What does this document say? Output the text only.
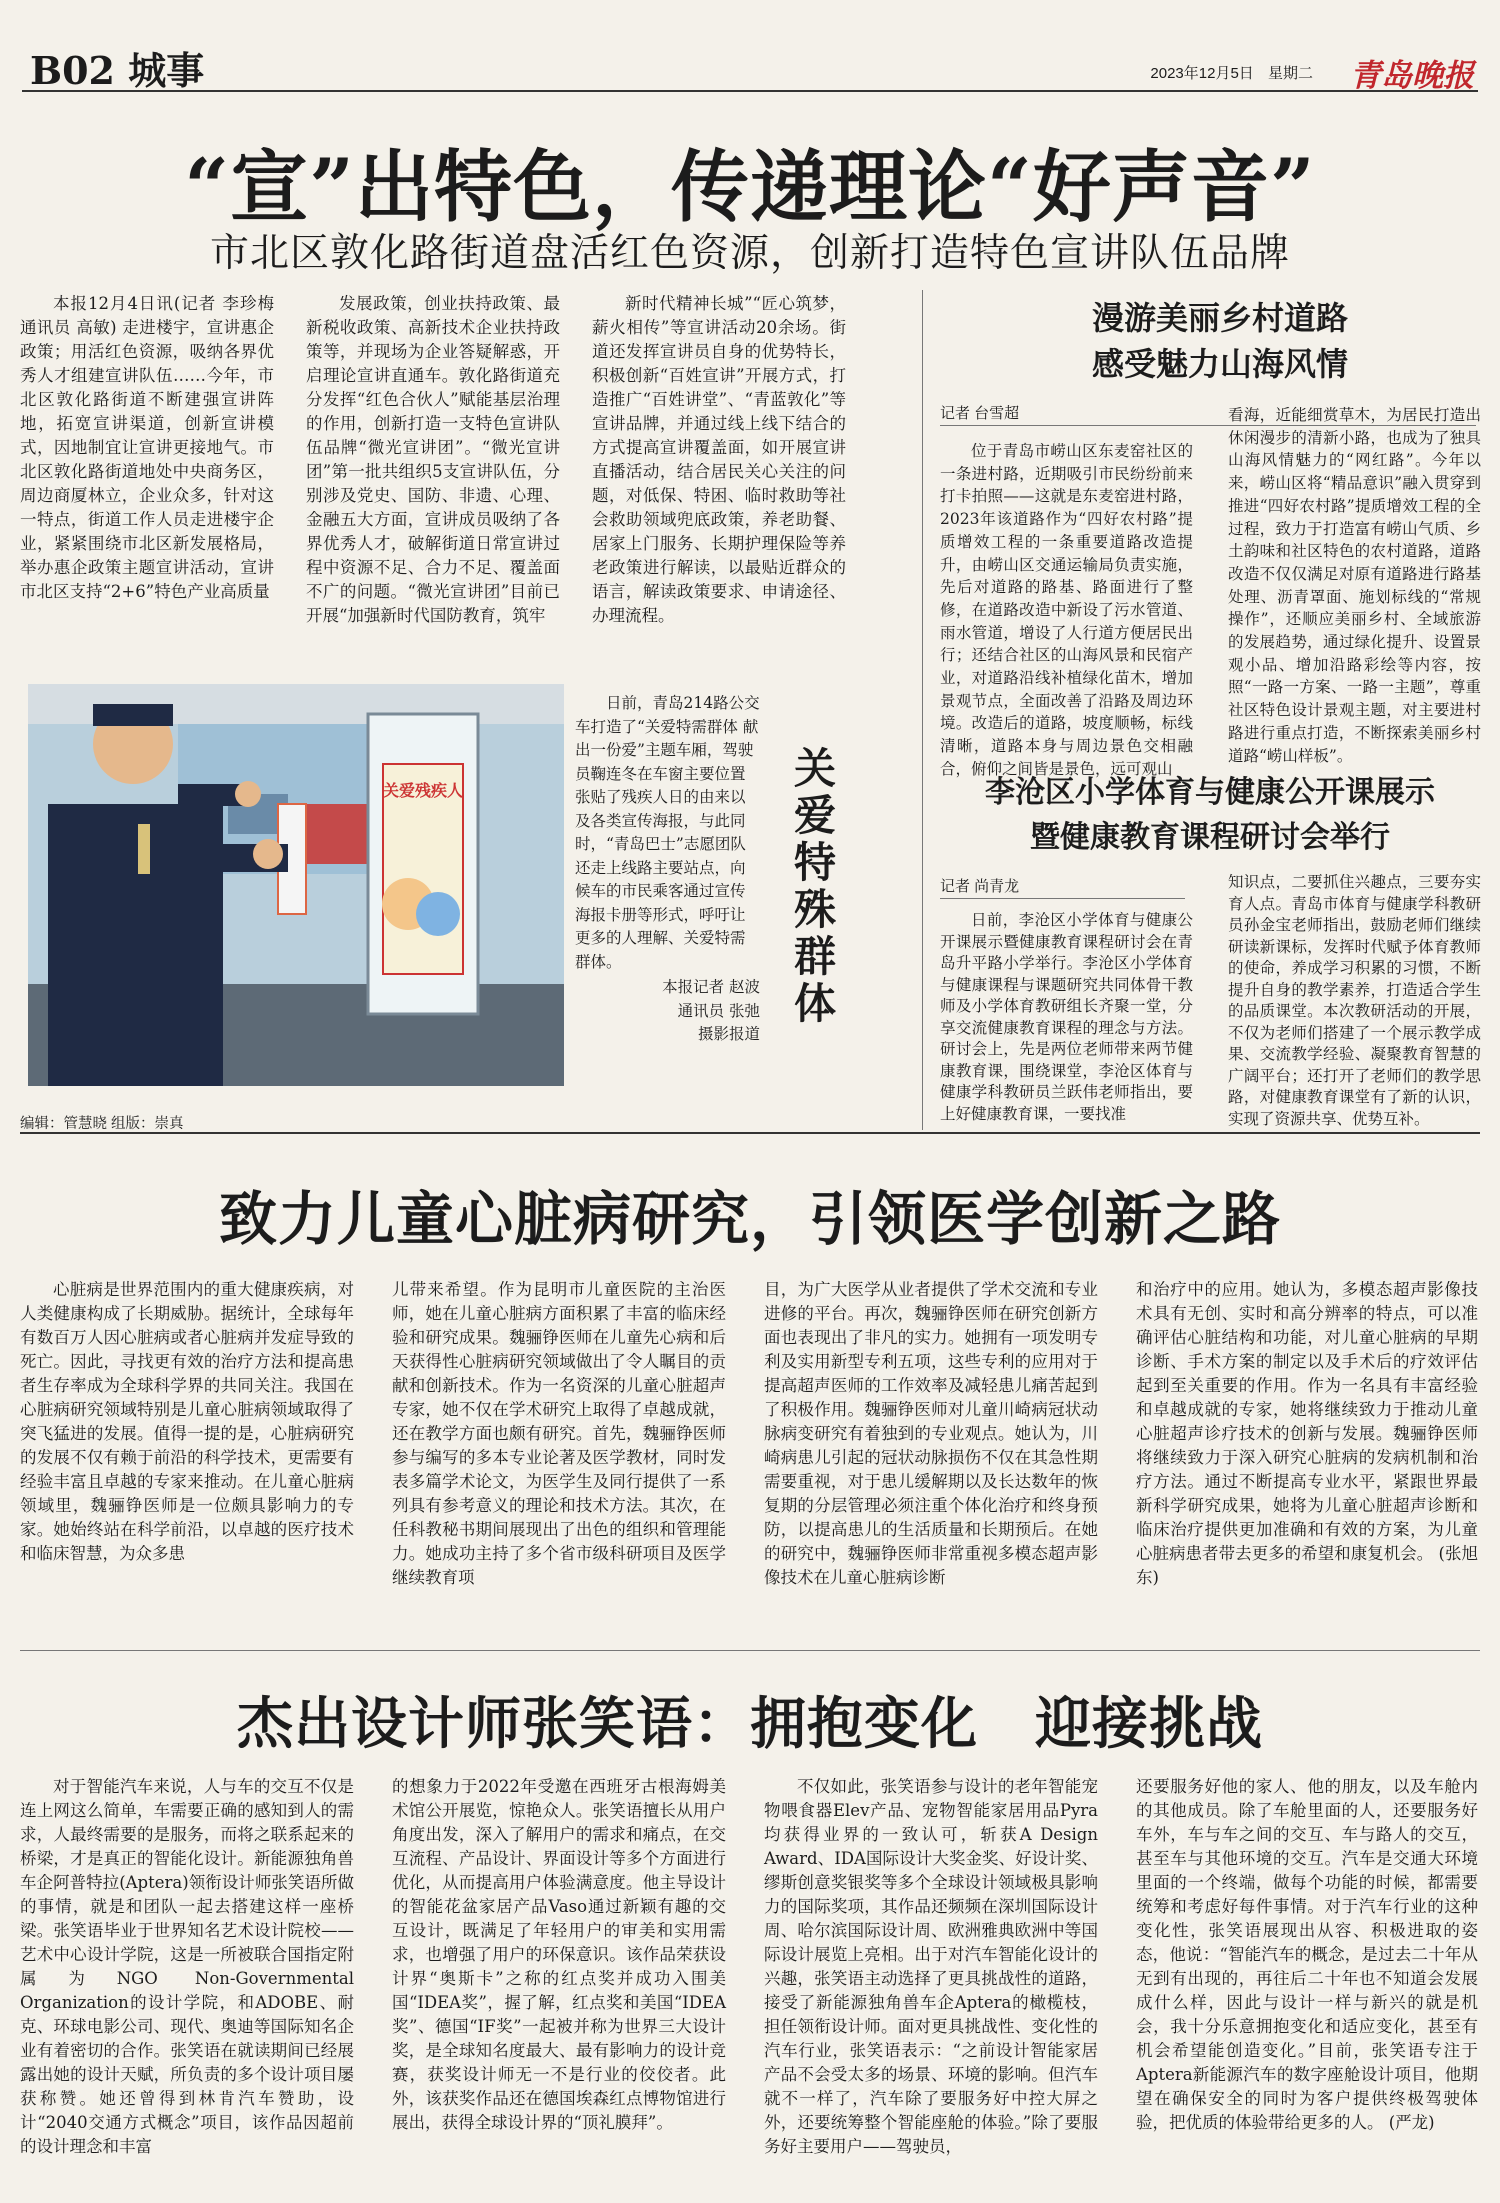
B02 城事	2023年12月5日 星期二 青岛晚报
“宣”出特色，传递理论“好声音”
市北区敦化路街道盘活红色资源，创新打造特色宣讲队伍品牌

本报12月4日讯(记者 李珍梅 通讯员 高敏) 走进楼宇，宣讲惠企政策；用活红色资源，吸纳各界优秀人才组建宣讲队伍……今年，市北区敦化路街道不断建强宣讲阵地，拓宽宣讲渠道，创新宣讲模式，因地制宜让宣讲更接地气。市北区敦化路街道地处中央商务区，周边商厦林立，企业众多，针对这一特点，街道工作人员走进楼宇企业，紧紧围绕市北区新发展格局，举办惠企政策主题宣讲活动，宣讲市北区支持“2+6”特色产业高质量

发展政策，创业扶持政策、最新税收政策、高新技术企业扶持政策等，并现场为企业答疑解惑，开启理论宣讲直通车。敦化路街道充分发挥“红色合伙人”赋能基层治理的作用，创新打造一支特色宣讲队伍品牌“微光宣讲团”。“微光宣讲团”第一批共组织5支宣讲队伍，分别涉及党史、国防、非遗、心理、金融五大方面，宣讲成员吸纳了各界优秀人才，破解街道日常宣讲过程中资源不足、合力不足、覆盖面不广的问题。“微光宣讲团”目前已开展“加强新时代国防教育，筑牢

新时代精神长城”“匠心筑梦，薪火相传”等宣讲活动20余场。街道还发挥宣讲员自身的优势特长，积极创新“百姓宣讲”开展方式，打造推广“百姓讲堂”、“青蓝敦化”等宣讲品牌，并通过线上线下结合的方式提高宣讲覆盖面，如开展宣讲直播活动，结合居民关心关注的问题，对低保、特困、临时救助等社会救助领域兜底政策，养老助餐、居家上门服务、长期护理保险等养老政策进行解读，以最贴近群众的语言，解读政策要求、申请途径、办理流程。

漫游美丽乡村道路
感受魅力山海风情
记者 台雪超

位于青岛市崂山区东麦窑社区的一条进村路，近期吸引市民纷纷前来打卡拍照——这就是东麦窑进村路，2023年该道路作为“四好农村路”提质增效工程的一条重要道路改造提升，由崂山区交通运输局负责实施，先后对道路的路基、路面进行了整修，在道路改造中新设了污水管道、雨水管道，增设了人行道方便居民出行；还结合社区的山海风景和民宿产业，对道路沿线补植绿化苗木，增加景观节点，全面改善了沿路及周边环境。改造后的道路，坡度顺畅，标线清晰，道路本身与周边景色交相融合，俯仰之间皆是景色，远可观山

看海，近能细赏草木，为居民打造出休闲漫步的清新小路，也成为了独具山海风情魅力的“网红路”。今年以来，崂山区将“精品意识”融入贯穿到推进“四好农村路”提质增效工程的全过程，致力于打造富有崂山气质、乡土韵味和社区特色的农村道路，道路改造不仅仅满足对原有道路进行路基处理、沥青罩面、施划标线的“常规操作”，还顺应美丽乡村、全域旅游的发展趋势，通过绿化提升、设置景观小品、增加沿路彩绘等内容，按照“一路一方案、一路一主题”，尊重社区特色设计景观主题，对主要进村路进行重点打造，不断探索美丽乡村道路“崂山样板”。

李沧区小学体育与健康公开课展示
暨健康教育课程研讨会举行
记者 尚青龙

日前，李沧区小学体育与健康公开课展示暨健康教育课程研讨会在青岛升平路小学举行。李沧区小学体育与健康课程与课题研究共同体骨干教师及小学体育教研组长齐聚一堂，分享交流健康教育课程的理念与方法。研讨会上，先是两位老师带来两节健康教育课，围绕课堂，李沧区体育与健康学科教研员兰跃伟老师指出，要上好健康教育课，一要找准

知识点，二要抓住兴趣点，三要夯实育人点。青岛市体育与健康学科教研员孙金宝老师指出，鼓励老师们继续研读新课标，发挥时代赋予体育教师的使命，养成学习积累的习惯，不断提升自身的教学素养，打造适合学生的品质课堂。本次教研活动的开展，不仅为老师们搭建了一个展示教学成果、交流教学经验、凝聚教育智慧的广阔平台；还打开了老师们的教学思路，对健康教育课堂有了新的认识，实现了资源共享、优势互补。

关爱残疾人

日前，青岛214路公交车打造了“关爱特需群体 献出一份爱”主题车厢，驾驶员鞠连冬在车窗主要位置张贴了残疾人日的由来以及各类宣传海报，与此同时，“青岛巴士”志愿团队还走上线路主要站点，向候车的市民乘客通过宣传海报卡册等形式，呼吁让更多的人理解、关爱特需群体。

本报记者 赵波

通讯员 张弛

摄影报道

关爱特殊群体
编辑：管慧晓 组版：崇真
致力儿童心脏病研究，引领医学创新之路

心脏病是世界范围内的重大健康疾病，对人类健康构成了长期威胁。据统计，全球每年有数百万人因心脏病或者心脏病并发症导致的死亡。因此，寻找更有效的治疗方法和提高患者生存率成为全球科学界的共同关注。我国在心脏病研究领域特别是儿童心脏病领域取得了突飞猛进的发展。值得一提的是，心脏病研究的发展不仅有赖于前沿的科学技术，更需要有经验丰富且卓越的专家来推动。在儿童心脏病领域里，魏骊铮医师是一位颇具影响力的专家。她始终站在科学前沿，以卓越的医疗技术和临床智慧，为众多患

儿带来希望。作为昆明市儿童医院的主治医师，她在儿童心脏病方面积累了丰富的临床经验和研究成果。魏骊铮医师在儿童先心病和后天获得性心脏病研究领域做出了令人瞩目的贡献和创新技术。作为一名资深的儿童心脏超声专家，她不仅在学术研究上取得了卓越成就，还在教学方面也颇有研究。首先，魏骊铮医师参与编写的多本专业论著及医学教材，同时发表多篇学术论文，为医学生及同行提供了一系列具有参考意义的理论和技术方法。其次，在任科教秘书期间展现出了出色的组织和管理能力。她成功主持了多个省市级科研项目及医学继续教育项

目，为广大医学从业者提供了学术交流和专业进修的平台。再次，魏骊铮医师在研究创新方面也表现出了非凡的实力。她拥有一项发明专利及实用新型专利五项，这些专利的应用对于提高超声医师的工作效率及减轻患儿痛苦起到了积极作用。魏骊铮医师对儿童川崎病冠状动脉病变研究有着独到的专业观点。她认为，川崎病患儿引起的冠状动脉损伤不仅在其急性期需要重视，对于患儿缓解期以及长达数年的恢复期的分层管理必须注重个体化治疗和终身预防，以提高患儿的生活质量和长期预后。在她的研究中，魏骊铮医师非常重视多模态超声影像技术在儿童心脏病诊断

和治疗中的应用。她认为，多模态超声影像技术具有无创、实时和高分辨率的特点，可以准确评估心脏结构和功能，对儿童心脏病的早期诊断、手术方案的制定以及手术后的疗效评估起到至关重要的作用。作为一名具有丰富经验和卓越成就的专家，她将继续致力于推动儿童心脏超声诊疗技术的创新与发展。魏骊铮医师将继续致力于深入研究心脏病的发病机制和治疗方法。通过不断提高专业水平，紧跟世界最新科学研究成果，她将为儿童心脏超声诊断和临床治疗提供更加准确和有效的方案，为儿童心脏病患者带去更多的希望和康复机会。 (张旭东)

杰出设计师张笑语：拥抱变化　迎接挑战

对于智能汽车来说，人与车的交互不仅是连上网这么简单，车需要正确的感知到人的需求，人最终需要的是服务，而将之联系起来的桥梁，才是真正的智能化设计。新能源独角兽车企阿普特拉(Aptera)领衔设计师张笑语所做的事情，就是和团队一起去搭建这样一座桥梁。张笑语毕业于世界知名艺术设计院校——艺术中心设计学院，这是一所被联合国指定附属为NGO Non-Governmental Organization的设计学院，和ADOBE、耐克、环球电影公司、现代、奥迪等国际知名企业有着密切的合作。张笑语在就读期间已经展露出她的设计天赋，所负责的多个设计项目屡获称赞。她还曾得到林肯汽车赞助，设计“2040交通方式概念”项目，该作品因超前的设计理念和丰富

的想象力于2022年受邀在西班牙古根海姆美术馆公开展览，惊艳众人。张笑语擅长从用户角度出发，深入了解用户的需求和痛点，在交互流程、产品设计、界面设计等多个方面进行优化，从而提高用户体验满意度。他主导设计的智能花盆家居产品Vaso通过新颖有趣的交互设计，既满足了年轻用户的审美和实用需求，也增强了用户的环保意识。该作品荣获设计界“奥斯卡”之称的红点奖并成功入围美国“IDEA奖”，握了解，红点奖和美国“IDEA奖”、德国“IF奖”一起被并称为世界三大设计奖，是全球知名度最大、最有影响力的设计竞赛，获奖设计师无一不是行业的佼佼者。此外，该获奖作品还在德国埃森红点博物馆进行展出，获得全球设计界的“顶礼膜拜”。

不仅如此，张笑语参与设计的老年智能宠物喂食器Elev产品、宠物智能家居用品Pyra均获得业界的一致认可，斩获A Design Award、IDA国际设计大奖金奖、好设计奖、缪斯创意奖银奖等多个全球设计领域极具影响力的国际奖项，其作品还频频在深圳国际设计周、哈尔滨国际设计周、欧洲雅典欧洲中等国际设计展览上亮相。出于对汽车智能化设计的兴趣，张笑语主动选择了更具挑战性的道路，接受了新能源独角兽车企Aptera的橄榄枝，担任领衔设计师。面对更具挑战性、变化性的汽车行业，张笑语表示：“之前设计智能家居产品不会受太多的场景、环境的影响。但汽车就不一样了，汽车除了要服务好中控大屏之外，还要统筹整个智能座舱的体验。”除了要服务好主要用户——驾驶员，

还要服务好他的家人、他的朋友，以及车舱内的其他成员。除了车舱里面的人，还要服务好车外，车与车之间的交互、车与路人的交互，甚至车与其他环境的交互。汽车是交通大环境里面的一个终端，做每个功能的时候，都需要统筹和考虑好每件事情。对于汽车行业的这种变化性，张笑语展现出从容、积极进取的姿态，他说：“智能汽车的概念，是过去二十年从无到有出现的，再往后二十年也不知道会发展成什么样，因此与设计一样与新兴的就是机会，我十分乐意拥抱变化和适应变化，甚至有机会希望能创造变化。”目前，张笑语专注于Aptera新能源汽车的数字座舱设计项目，他期望在确保安全的同时为客户提供终极驾驶体验，把优质的体验带给更多的人。 (严龙)
